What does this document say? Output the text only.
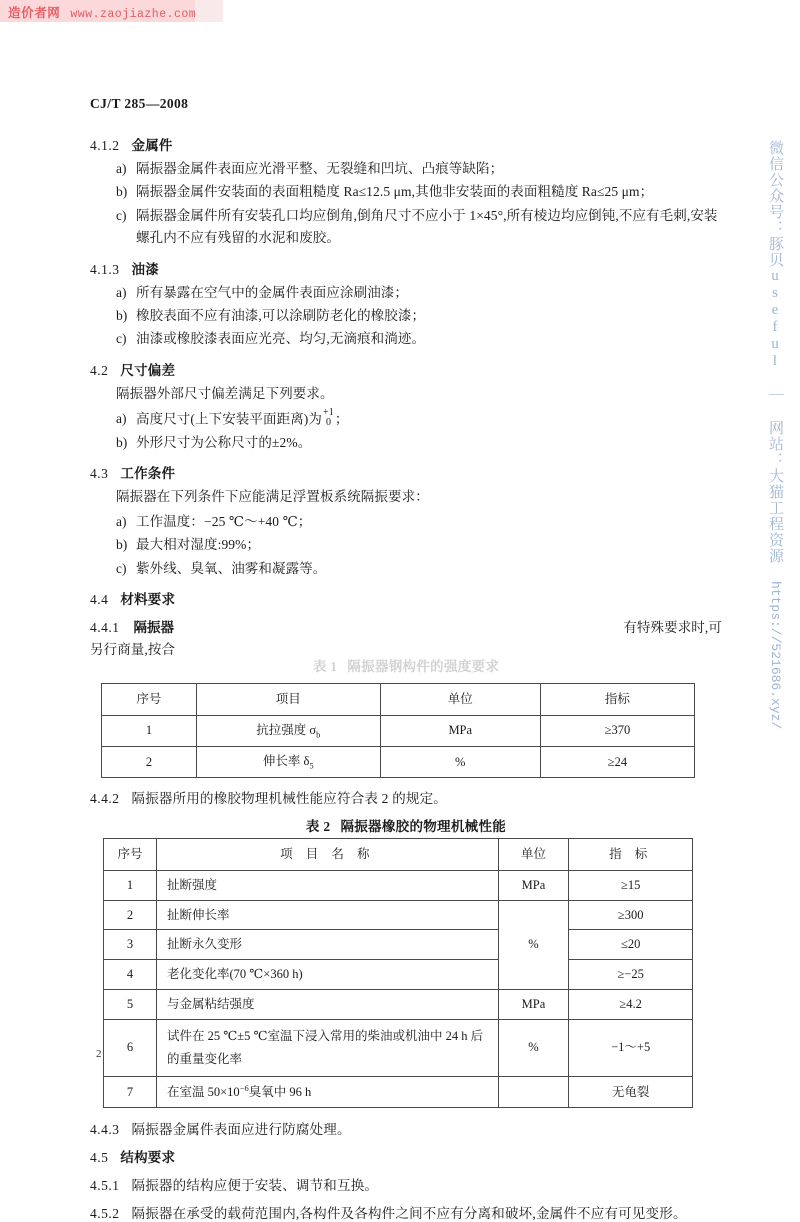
造价者网 www.zaojiazhe.com
微信公众号：豚贝useful ｜ 网站：大猫工程资源 https://521686.xyz/
CJ/T 285—2008
4.1.2 金属件
a) 隔振器金属件表面应光滑平整、无裂缝和凹坑、凸痕等缺陷；
b) 隔振器金属件安装面的表面粗糙度 Ra≤12.5 μm,其他非安装面的表面粗糙度 Ra≤25 μm；
c) 隔振器金属件所有安装孔口均应倒角,倒角尺寸不应小于 1×45°,所有棱边均应倒钝,不应有毛刺,安装螺孔内不应有残留的水泥和废胶。
4.1.3 油漆
a) 所有暴露在空气中的金属件表面应涂刷油漆；
b) 橡胶表面不应有油漆,可以涂刷防老化的橡胶漆；
c) 油漆或橡胶漆表面应光亮、均匀,无滴痕和淌迹。
4.2 尺寸偏差
隔振器外部尺寸偏差满足下列要求。
a) 高度尺寸(上下安装平面距离)为 +1
0 ；
b) 外形尺寸为公称尺寸的±2%。
4.3 工作条件
隔振器在下列条件下应能满足浮置板系统隔振要求：
a) 工作温度：−25 ℃～+40 ℃；
b) 最大相对湿度:99%；
c) 紫外线、臭氧、油雾和凝露等。
4.4 材料要求
4.4.1 隔振器	有特殊要求时,可
另行商量,按合
表 1 隔振器钢构件的强度要求
序号	项目	单位	指标
1	抗拉强度 $\sigma_b$	MPa	≥370
2	伸长率 $\delta_5$	%	≥24
4.4.2 隔振器所用的橡胶物理机械性能应符合表 2 的规定。
表 2 隔振器橡胶的物理机械性能
序号	项 目 名 称	单位	指 标
1	扯断强度	MPa	≥15
2	扯断伸长率	%	≥300
3	扯断永久变形		≤20
4	老化变化率(70 ℃×360 h)		≥−25
5	与金属粘结强度	MPa	≥4.2
6	试件在 25 ℃±5 ℃室温下浸入常用的柴油或机油中 24 h 后的重量变化率	%	−1～+5
7	在室温 $50\times 10^{-6}$臭氧中 96 h		无龟裂
4.4.3 隔振器金属件表面应进行防腐处理。
4.5 结构要求
4.5.1 隔振器的结构应便于安装、调节和互换。
4.5.2 隔振器在承受的载荷范围内,各构件及各构件之间不应有分离和破坏,金属件不应有可见变形。
2
